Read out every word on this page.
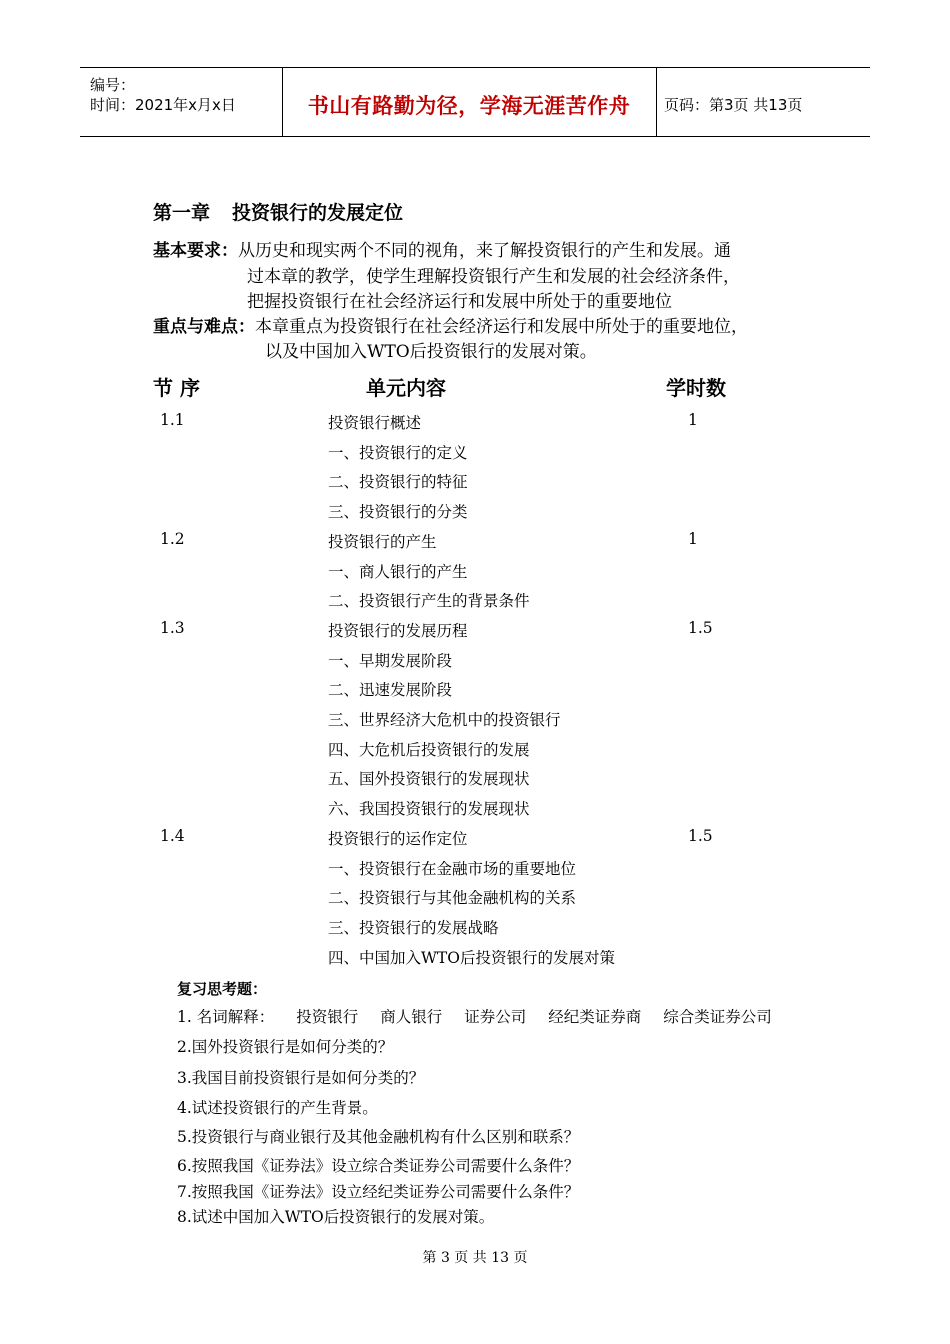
编号：
时间：2021年x月x日	书山有路勤为径，学海无涯苦作舟	页码：第3页 共13页
第一章 投资银行的发展定位
基本要求：从历史和现实两个不同的视角，来了解投资银行的产生和发展。通
过本章的教学，使学生理解投资银行产生和发展的社会经济条件，
把握投资银行在社会经济运行和发展中所处于的重要地位
重点与难点：本章重点为投资银行在社会经济运行和发展中所处于的重要地位，
以及中国加入WTO后投资银行的发展对策。
节 序	单元内容	学时数
1.1	投资银行概述	1
一、投资银行的定义
二、投资银行的特征
三、投资银行的分类
1.2	投资银行的产生	1
一、商人银行的产生
二、投资银行产生的背景条件
1.3	投资银行的发展历程	1.5
一、早期发展阶段
二、迅速发展阶段
三、世界经济大危机中的投资银行
四、大危机后投资银行的发展
五、国外投资银行的发展现状
六、我国投资银行的发展现状
1.4	投资银行的运作定位	1.5
一、投资银行在金融市场的重要地位
二、投资银行与其他金融机构的关系
三、投资银行的发展战略
四、中国加入WTO后投资银行的发展对策
复习思考题：
1. 名词解释： 投资银行 商人银行 证券公司 经纪类证券商 综合类证券公司
2.国外投资银行是如何分类的？
3.我国目前投资银行是如何分类的？
4.试述投资银行的产生背景。
5.投资银行与商业银行及其他金融机构有什么区别和联系？
6.按照我国《证券法》设立综合类证券公司需要什么条件？
7.按照我国《证券法》设立经纪类证券公司需要什么条件？
8.试述中国加入WTO后投资银行的发展对策。
第 3 页 共 13 页
